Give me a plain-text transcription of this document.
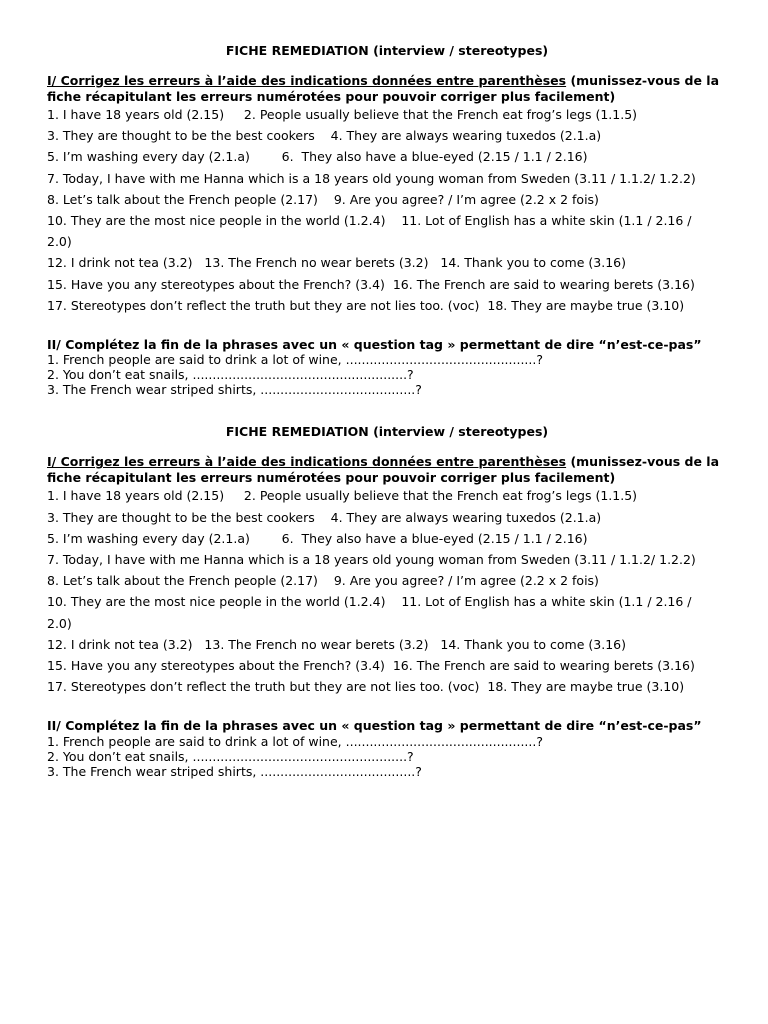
FICHE REMEDIATION (interview / stereotypes)
I/ Corrigez les erreurs à l’aide des indications données entre parenthèses (munissez-vous de la fiche récapitulant les erreurs numérotées pour pouvoir corriger plus facilement)
1. I have 18 years old (2.15)     2. People usually believe that the French eat frog’s legs (1.1.5)
3. They are thought to be the best cookers    4. They are always wearing tuxedos (2.1.a)
5. I’m washing every day (2.1.a)        6.  They also have a blue-eyed (2.15 / 1.1 / 2.16)
7. Today, I have with me Hanna which is a 18 years old young woman from Sweden (3.11 / 1.1.2/ 1.2.2)
8. Let’s talk about the French people (2.17)    9. Are you agree? / I’m agree (2.2 x 2 fois)
10. They are the most nice people in the world (1.2.4)    11. Lot of English has a white skin (1.1 / 2.16 /
2.0)
12. I drink not tea (3.2)   13. The French no wear berets (3.2)   14. Thank you to come (3.16)
15. Have you any stereotypes about the French? (3.4)  16. The French are said to wearing berets (3.16)
17. Stereotypes don’t reflect the truth but they are not lies too. (voc)  18. They are maybe true (3.10)
II/ Complétez la fin de la phrases avec un « question tag » permettant de dire “n’est-ce-pas”
1. French people are said to drink a lot of wine, ................................................?
2. You don’t eat snails, ......................................................?
3. The French wear striped shirts, .......................................?
FICHE REMEDIATION (interview / stereotypes)
I/ Corrigez les erreurs à l’aide des indications données entre parenthèses (munissez-vous de la fiche récapitulant les erreurs numérotées pour pouvoir corriger plus facilement)
1. I have 18 years old (2.15)     2. People usually believe that the French eat frog’s legs (1.1.5)
3. They are thought to be the best cookers    4. They are always wearing tuxedos (2.1.a)
5. I’m washing every day (2.1.a)        6.  They also have a blue-eyed (2.15 / 1.1 / 2.16)
7. Today, I have with me Hanna which is a 18 years old young woman from Sweden (3.11 / 1.1.2/ 1.2.2)
8. Let’s talk about the French people (2.17)    9. Are you agree? / I’m agree (2.2 x 2 fois)
10. They are the most nice people in the world (1.2.4)    11. Lot of English has a white skin (1.1 / 2.16 /
2.0)
12. I drink not tea (3.2)   13. The French no wear berets (3.2)   14. Thank you to come (3.16)
15. Have you any stereotypes about the French? (3.4)  16. The French are said to wearing berets (3.16)
17. Stereotypes don’t reflect the truth but they are not lies too. (voc)  18. They are maybe true (3.10)
II/ Complétez la fin de la phrases avec un « question tag » permettant de dire “n’est-ce-pas”
1. French people are said to drink a lot of wine, ................................................?
2. You don’t eat snails, ......................................................?
3. The French wear striped shirts, .......................................?
